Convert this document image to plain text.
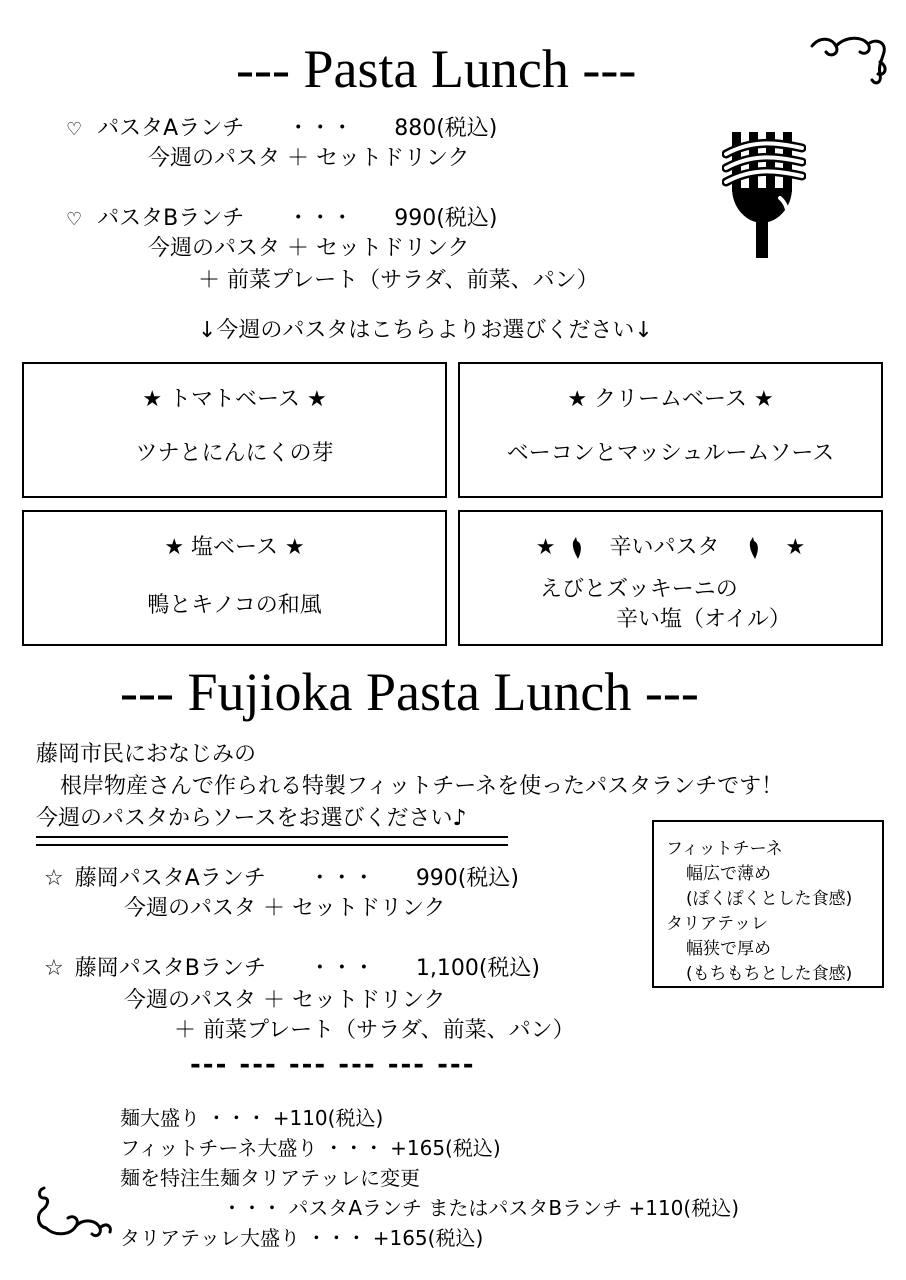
--- Pasta Lunch ---
♡ パスタAランチ ・・・ 880(税込)
今週のパスタ ＋ セットドリンク
♡ パスタBランチ ・・・ 990(税込)
今週のパスタ ＋ セットドリンク
＋ 前菜プレート（サラダ、前菜、パン）
↓今週のパスタはこちらよりお選びください↓
★ トマトベース ★
ツナとにんにくの芽
★ クリームベース ★
ベーコンとマッシュルームソース
★ 塩ベース ★
鴨とキノコの和風
★ 辛いパスタ	★
えびとズッキーニの
辛い塩（オイル）
--- Fujioka Pasta Lunch ---
藤岡市民におなじみの
根岸物産さんで作られる特製フィットチーネを使ったパスタランチです！
今週のパスタからソースをお選びください♪
フィットチーネ
幅広で薄め
(ぽくぽくとした食感)
タリアテッレ
幅狭で厚め
(もちもちとした食感)
☆ 藤岡パスタAランチ ・・・ 990(税込)
今週のパスタ ＋ セットドリンク
☆ 藤岡パスタBランチ ・・・ 1,100(税込)
今週のパスタ ＋ セットドリンク
＋ 前菜プレート（サラダ、前菜、パン）
--- --- --- --- --- ---
麺大盛り ・・・ +110(税込)
フィットチーネ大盛り ・・・ +165(税込)
麺を特注生麺タリアテッレに変更
・・・ パスタAランチ またはパスタBランチ +110(税込)
タリアテッレ大盛り ・・・ +165(税込)
